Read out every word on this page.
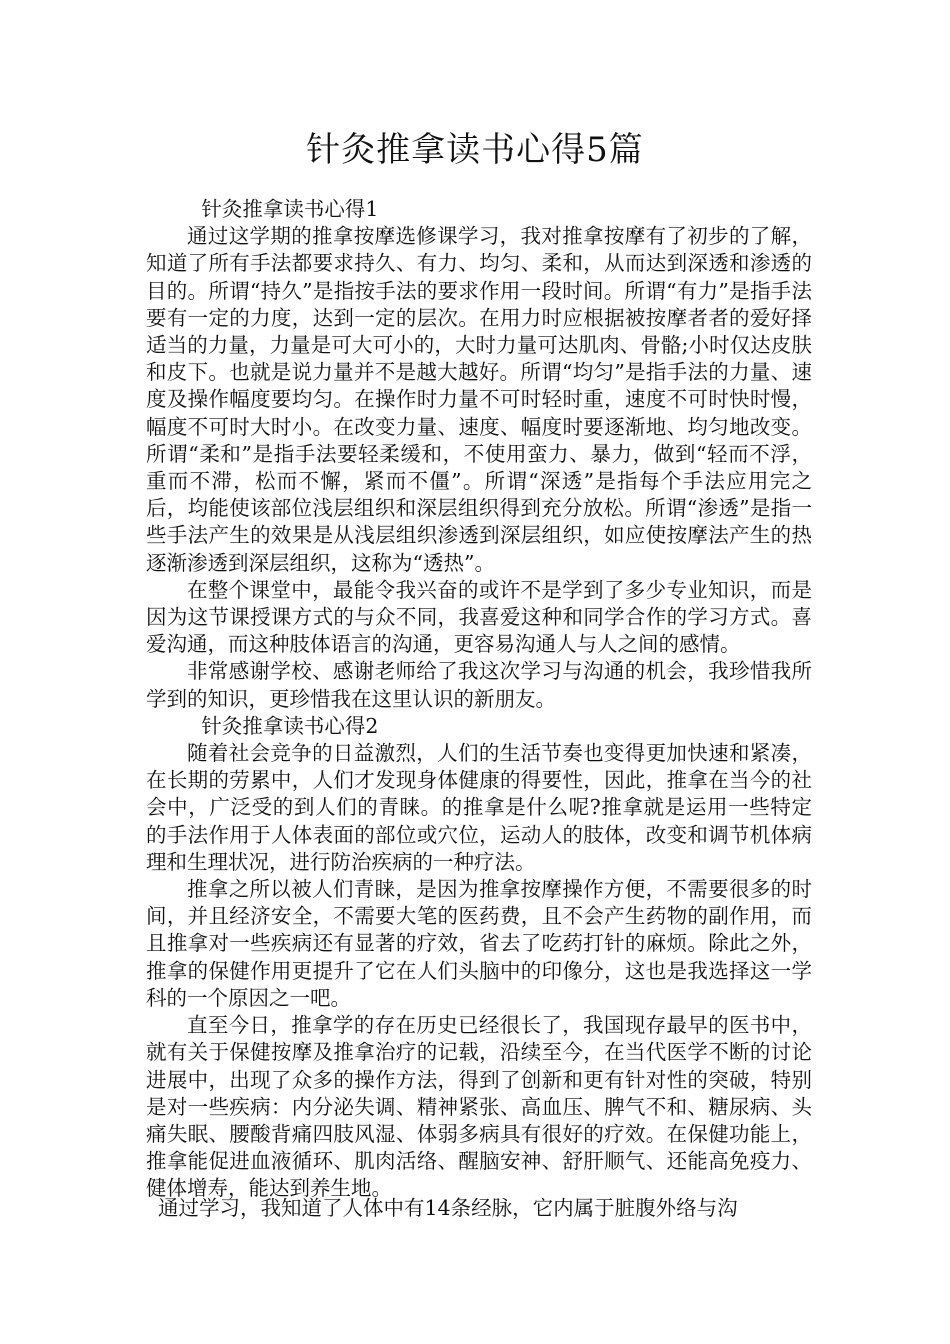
针灸推拿读书心得5篇

针灸推拿读书心得1

通过这学期的推拿按摩选修课学习，我对推拿按摩有了初步的了解，知道了所有手法都要求持久、有力、均匀、柔和，从而达到深透和渗透的目的。所谓“持久”是指按手法的要求作用一段时间。所谓“有力”是指手法要有一定的力度，达到一定的层次。在用力时应根据被按摩者者的爱好择适当的力量，力量是可大可小的，大时力量可达肌肉、骨骼;小时仅达皮肤和皮下。也就是说力量并不是越大越好。所谓“均匀”是指手法的力量、速度及操作幅度要均匀。在操作时力量不可时轻时重，速度不可时快时慢，幅度不可时大时小。在改变力量、速度、幅度时要逐渐地、均匀地改变。所谓“柔和”是指手法要轻柔缓和，不使用蛮力、暴力，做到“轻而不浮，重而不滞，松而不懈，紧而不僵”。所谓“深透”是指每个手法应用完之后，均能使该部位浅层组织和深层组织得到充分放松。所谓“渗透”是指一些手法产生的效果是从浅层组织渗透到深层组织，如应使按摩法产生的热逐渐渗透到深层组织，这称为“透热”。

在整个课堂中，最能令我兴奋的或许不是学到了多少专业知识，而是因为这节课授课方式的与众不同，我喜爱这种和同学合作的学习方式。喜爱沟通，而这种肢体语言的沟通，更容易沟通人与人之间的感情。

非常感谢学校、感谢老师给了我这次学习与沟通的机会，我珍惜我所学到的知识，更珍惜我在这里认识的新朋友。

针灸推拿读书心得2

随着社会竞争的日益激烈，人们的生活节奏也变得更加快速和紧凑，在长期的劳累中，人们才发现身体健康的得要性，因此，推拿在当今的社会中，广泛受的到人们的青睐。的推拿是什么呢?推拿就是运用一些特定的手法作用于人体表面的部位或穴位，运动人的肢体，改变和调节机体病理和生理状况，进行防治疾病的一种疗法。

推拿之所以被人们青睐，是因为推拿按摩操作方便，不需要很多的时间，并且经济安全，不需要大笔的医药费，且不会产生药物的副作用，而且推拿对一些疾病还有显著的疗效，省去了吃药打针的麻烦。除此之外，推拿的保健作用更提升了它在人们头脑中的印像分，这也是我选择这一学科的一个原因之一吧。

直至今日，推拿学的存在历史已经很长了，我国现存最早的医书中，就有关于保健按摩及推拿治疗的记载，沿续至今，在当代医学不断的讨论进展中，出现了众多的操作方法，得到了创新和更有针对性的突破，特别是对一些疾病：内分泌失调、精神紧张、高血压、脾气不和、糖尿病、头痛失眠、腰酸背痛四肢风湿、体弱多病具有很好的疗效。在保健功能上，推拿能促进血液循环、肌肉活络、醒脑安神、舒肝顺气、还能高免疫力、健体增寿，能达到养生地。

通过学习，我知道了人体中有14条经脉，它内属于脏腹外络与沟
